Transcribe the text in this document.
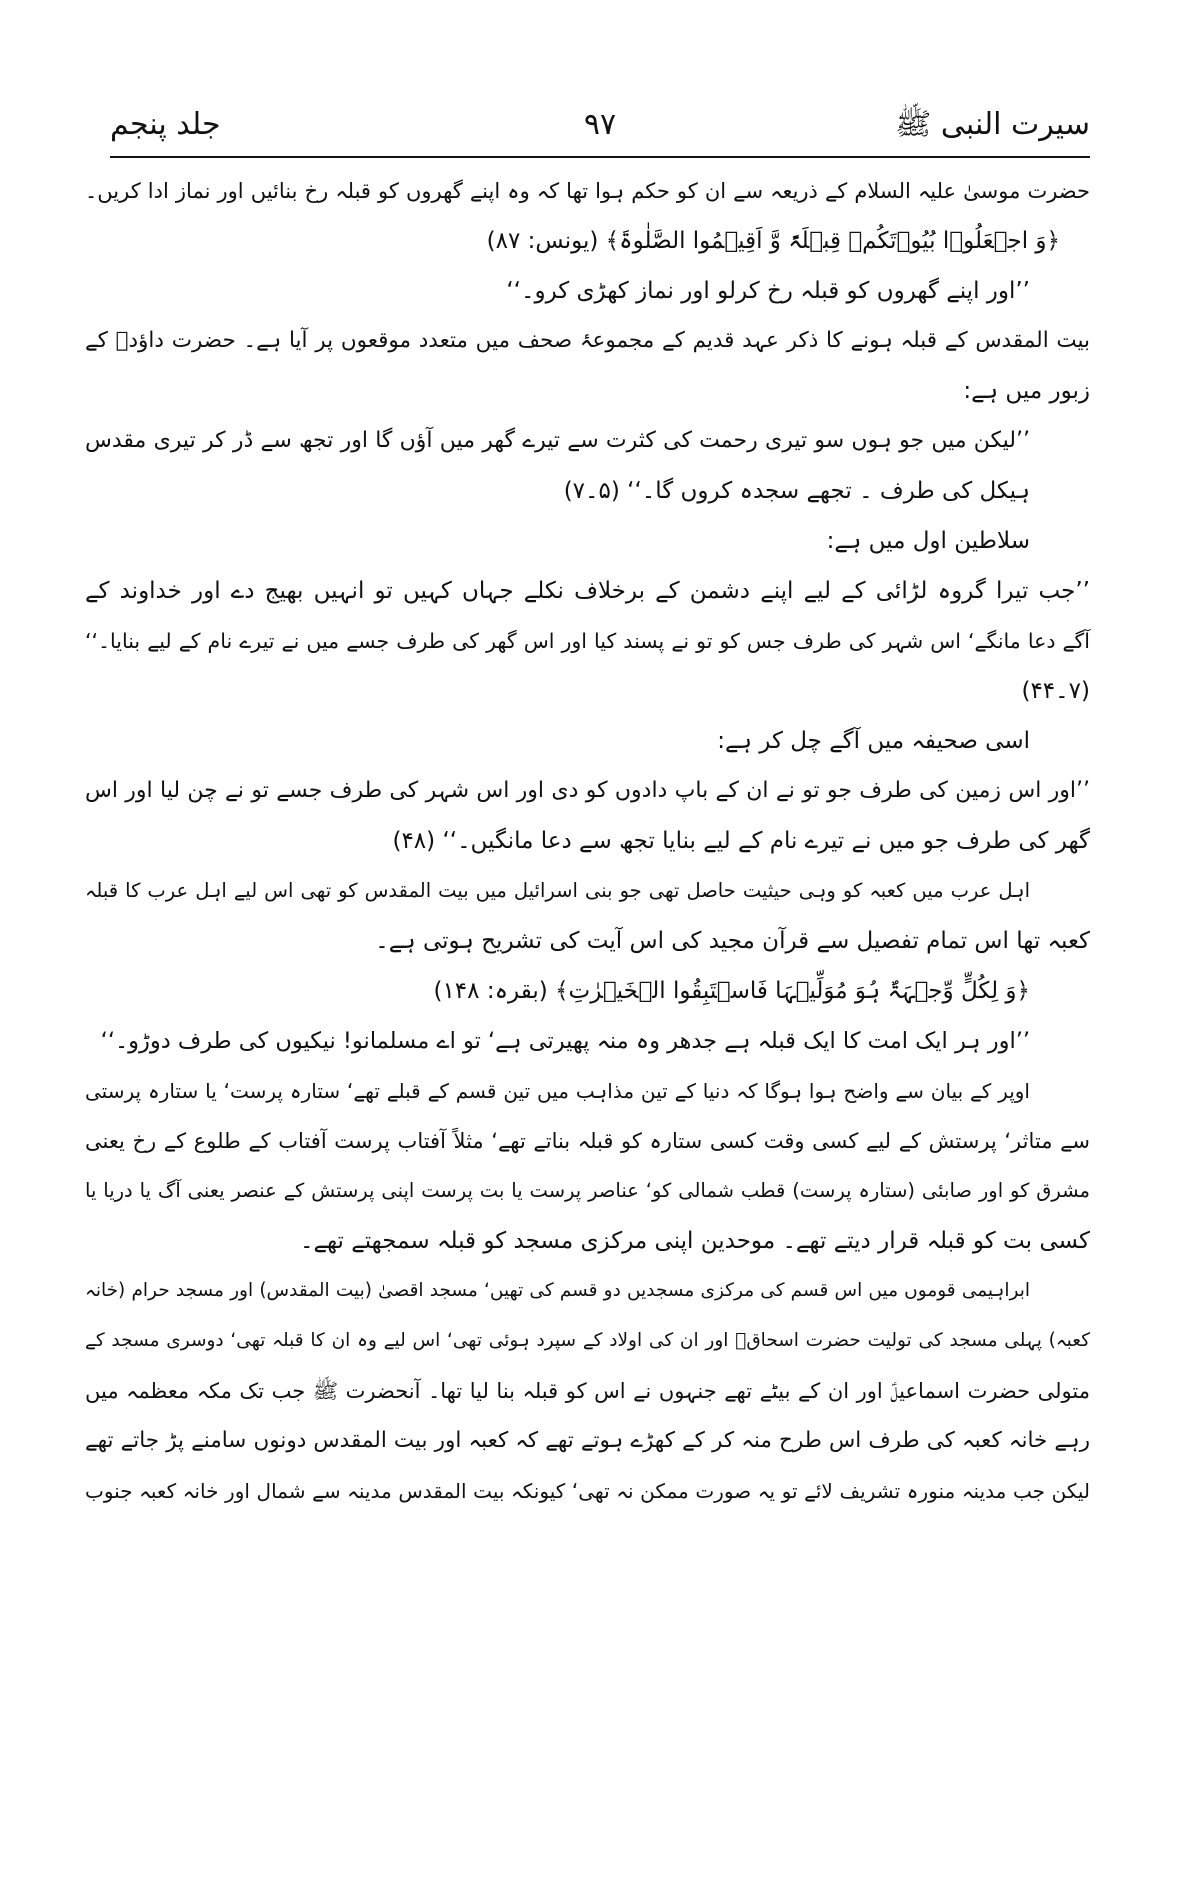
سیرت النبی ﷺ
۹۷
جلد پنجم
حضرت موسیٰ علیہ السلام کے ذریعہ سے ان کو حکم ہوا تھا کہ وہ اپنے گھروں کو قبلہ رخ بنائیں اور نماز ادا کریں۔
﴿وَ اجۡعَلُوۡا بُیُوۡتَکُمۡ قِبۡلَۃً وَّ اَقِیۡمُوا الصَّلٰوۃَ﴾ (یونس: ۸۷)
’’اور اپنے گھروں کو قبلہ رخ کرلو اور نماز کھڑی کرو۔‘‘
بیت المقدس کے قبلہ ہونے کا ذکر عہد قدیم کے مجموعۂ صحف میں متعدد موقعوں پر آیا ہے۔ حضرت داؤدؑ کے
زبور میں ہے:
’’لیکن میں جو ہوں سو تیری رحمت کی کثرت سے تیرے گھر میں آؤں گا اور تجھ سے ڈر کر تیری مقدس
ہیکل کی طرف ۔ تجھے سجدہ کروں گا۔‘‘ (۵۔۷)
سلاطین اول میں ہے:
’’جب تیرا گروہ لڑائی کے لیے اپنے دشمن کے برخلاف نکلے جہاں کہیں تو انہیں بھیج دے اور خداوند کے
آگے دعا مانگے‘ اس شہر کی طرف جس کو تو نے پسند کیا اور اس گھر کی طرف جسے میں نے تیرے نام کے لیے بنایا۔‘‘
(۷۔۴۴)
اسی صحیفہ میں آگے چل کر ہے:
’’اور اس زمین کی طرف جو تو نے ان کے باپ دادوں کو دی اور اس شہر کی طرف جسے تو نے چن لیا اور اس
گھر کی طرف جو میں نے تیرے نام کے لیے بنایا تجھ سے دعا مانگیں۔‘‘ (۴۸)
اہل عرب میں کعبہ کو وہی حیثیت حاصل تھی جو بنی اسرائیل میں بیت المقدس کو تھی اس لیے اہل عرب کا قبلہ
کعبہ تھا اس تمام تفصیل سے قرآن مجید کی اس آیت کی تشریح ہوتی ہے۔
﴿وَ لِکُلٍّ وِّجۡہَۃٌ ہُوَ مُوَلِّیۡہَا فَاسۡتَبِقُوا الۡخَیۡرٰتِ﴾ (بقرہ: ۱۴۸)
’’اور ہر ایک امت کا ایک قبلہ ہے جدھر وہ منہ پھیرتی ہے‘ تو اے مسلمانو! نیکیوں کی طرف دوڑو۔‘‘
اوپر کے بیان سے واضح ہوا ہوگا کہ دنیا کے تین مذاہب میں تین قسم کے قبلے تھے‘ ستارہ پرست‘ یا ستارہ پرستی
سے متاثر‘ پرستش کے لیے کسی وقت کسی ستارہ کو قبلہ بناتے تھے‘ مثلاً آفتاب پرست آفتاب کے طلوع کے رخ یعنی
مشرق کو اور صابئی (ستارہ پرست) قطب شمالی کو‘ عناصر پرست یا بت پرست اپنی پرستش کے عنصر یعنی آگ یا دریا یا
کسی بت کو قبلہ قرار دیتے تھے۔ موحدین اپنی مرکزی مسجد کو قبلہ سمجھتے تھے۔
ابراہیمی قوموں میں اس قسم کی مرکزی مسجدیں دو قسم کی تھیں‘ مسجد اقصیٰ (بیت المقدس) اور مسجد حرام (خانہ
کعبہ) پہلی مسجد کی تولیت حضرت اسحاقؑ اور ان کی اولاد کے سپرد ہوئی تھی‘ اس لیے وہ ان کا قبلہ تھی‘ دوسری مسجد کے
متولی حضرت اسماعیلؑ اور ان کے بیٹے تھے جنہوں نے اس کو قبلہ بنا لیا تھا۔ آنحضرت ﷺ جب تک مکہ معظمہ میں
رہے خانہ کعبہ کی طرف اس طرح منہ کر کے کھڑے ہوتے تھے کہ کعبہ اور بیت المقدس دونوں سامنے پڑ جاتے تھے
لیکن جب مدینہ منورہ تشریف لائے تو یہ صورت ممکن نہ تھی‘ کیونکہ بیت المقدس مدینہ سے شمال اور خانہ کعبہ جنوب
